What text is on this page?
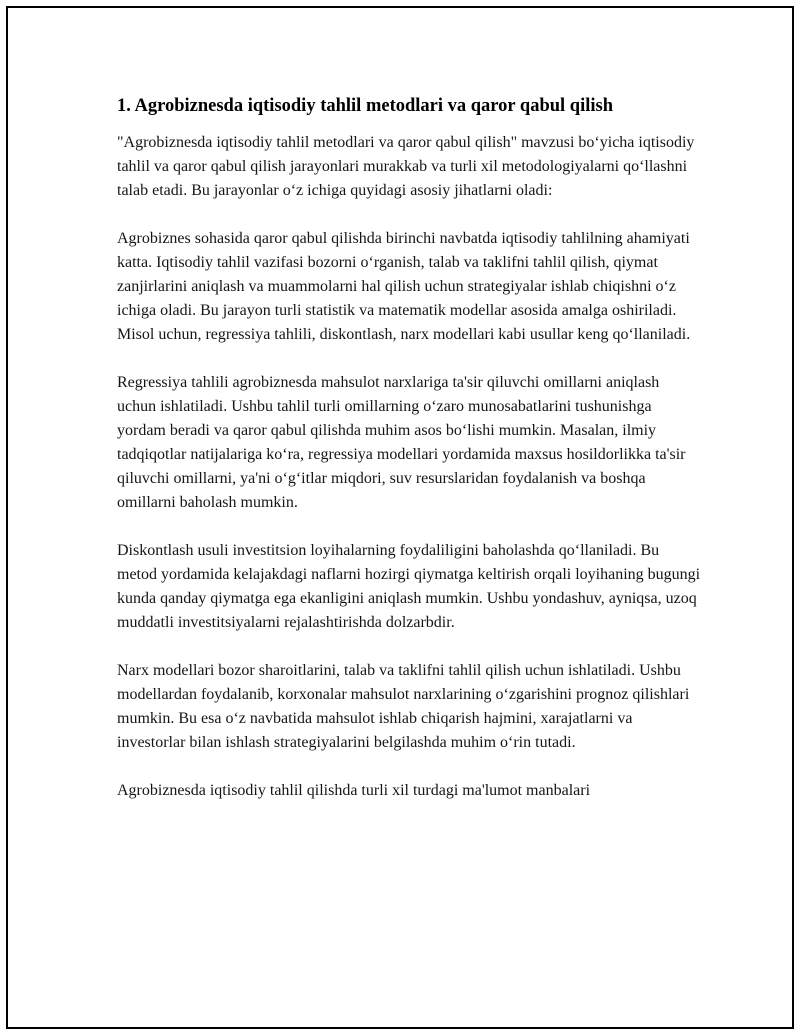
1. Agrobiznesda iqtisodiy tahlil metodlari va qaror qabul qilish

"Agrobiznesda iqtisodiy tahlil metodlari va qaror qabul qilish" mavzusi bo‘yicha iqtisodiy tahlil va qaror qabul qilish jarayonlari murakkab va turli xil metodologiyalarni qo‘llashni talab etadi. Bu jarayonlar o‘z ichiga quyidagi asosiy jihatlarni oladi:

Agrobiznes sohasida qaror qabul qilishda birinchi navbatda iqtisodiy tahlilning ahamiyati katta. Iqtisodiy tahlil vazifasi bozorni o‘rganish, talab va taklifni tahlil qilish, qiymat zanjirlarini aniqlash va muammolarni hal qilish uchun strategiyalar ishlab chiqishni o‘z ichiga oladi. Bu jarayon turli statistik va matematik modellar asosida amalga oshiriladi. Misol uchun, regressiya tahlili, diskontlash, narx modellari kabi usullar keng qo‘llaniladi.

Regressiya tahlili agrobiznesda mahsulot narxlariga ta'sir qiluvchi omillarni aniqlash uchun ishlatiladi. Ushbu tahlil turli omillarning o‘zaro munosabatlarini tushunishga yordam beradi va qaror qabul qilishda muhim asos bo‘lishi mumkin. Masalan, ilmiy tadqiqotlar natijalariga ko‘ra, regressiya modellari yordamida maxsus hosildorlikka ta'sir qiluvchi omillarni, ya'ni o‘g‘itlar miqdori, suv resurslaridan foydalanish va boshqa omillarni baholash mumkin.

Diskontlash usuli investitsion loyihalarning foydaliligini baholashda qo‘llaniladi. Bu metod yordamida kelajakdagi naflarni hozirgi qiymatga keltirish orqali loyihaning bugungi kunda qanday qiymatga ega ekanligini aniqlash mumkin. Ushbu yondashuv, ayniqsa, uzoq muddatli investitsiyalarni rejalashtirishda dolzarbdir.

Narx modellari bozor sharoitlarini, talab va taklifni tahlil qilish uchun ishlatiladi. Ushbu modellardan foydalanib, korxonalar mahsulot narxlarining o‘zgarishini prognoz qilishlari mumkin. Bu esa o‘z navbatida mahsulot ishlab chiqarish hajmini, xarajatlarni va investorlar bilan ishlash strategiyalarini belgilashda muhim o‘rin tutadi.

Agrobiznesda iqtisodiy tahlil qilishda turli xil turdagi ma'lumot manbalari
